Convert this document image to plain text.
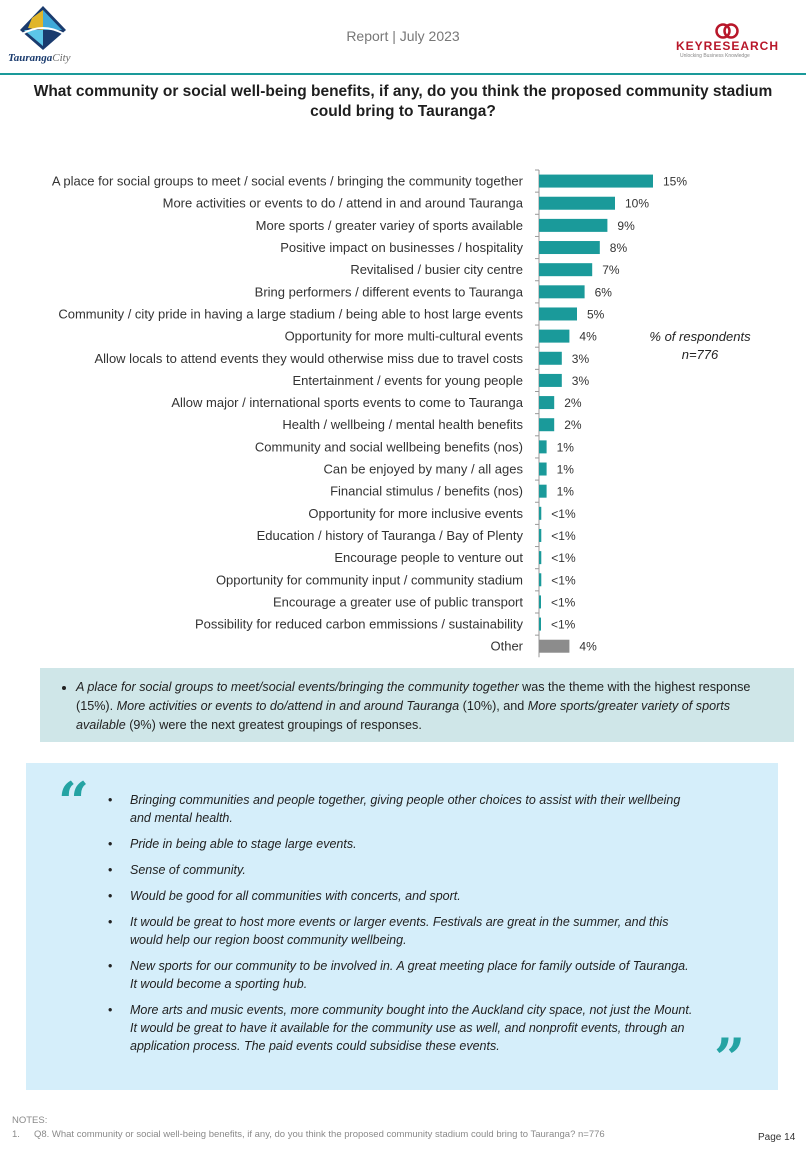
TaurangaCity
Report | July 2023
KEYRESEARCH
Unlocking Business Knowledge
What community or social well-being benefits, if any, do you think the proposed community stadium could bring to Tauranga?
A place for social groups to meet / social events / bringing the community together	15%
More activities or events to do / attend in and around Tauranga	10%
More sports / greater variey of sports available	9%
Positive impact on businesses / hospitality	8%
Revitalised / busier city centre	7%
Bring performers / different events to Tauranga	6%
Community / city pride in having a large stadium / being able to host large events	5%
Opportunity for more multi-cultural events	4%
Allow locals to attend events they would otherwise miss due to travel costs	3%
Entertainment / events for young people	3%
Allow major / international sports events to come to Tauranga	2%
Health / wellbeing / mental health benefits	2%
Community and social wellbeing benefits (nos)	1%
Can be enjoyed by many / all ages	1%
Financial stimulus / benefits (nos)	1%
Opportunity for more inclusive events <1%
Education / history of Tauranga / Bay of Plenty <1%
Encourage people to venture out <1%
Opportunity for community input / community stadium <1%
Encourage a greater use of public transport <1%
Possibility for reduced carbon emmissions / sustainability <1%
Other	4%
% of respondents
n=776
• A place for social groups to meet/social events/bringing the community together was the theme with the highest response (15%). More activities or events to do/attend in and around Tauranga (10%), and More sports/greater variety of sports available (9%) were the next greatest groupings of responses.
“
•	Bringing communities and people together, giving people other choices to assist with their wellbeing and mental health.
• Pride in being able to stage large events.
• Sense of community.
• Would be good for all communities with concerts, and sport.
• It would be great to host more events or larger events. Festivals are great in the summer, and this would help our region boost community wellbeing.
• New sports for our community to be involved in. A great meeting place for family outside of Tauranga. It would become a sporting hub.
• More arts and music events, more community bought into the Auckland city space, not just the Mount. It would be great to have it available for the community use as well, and nonprofit events, through an application process. The paid events could subsidise these events.	”
NOTES:
1. Q8. What community or social well-being benefits, if any, do you think the proposed community stadium could bring to Tauranga? n=776	Page 14
